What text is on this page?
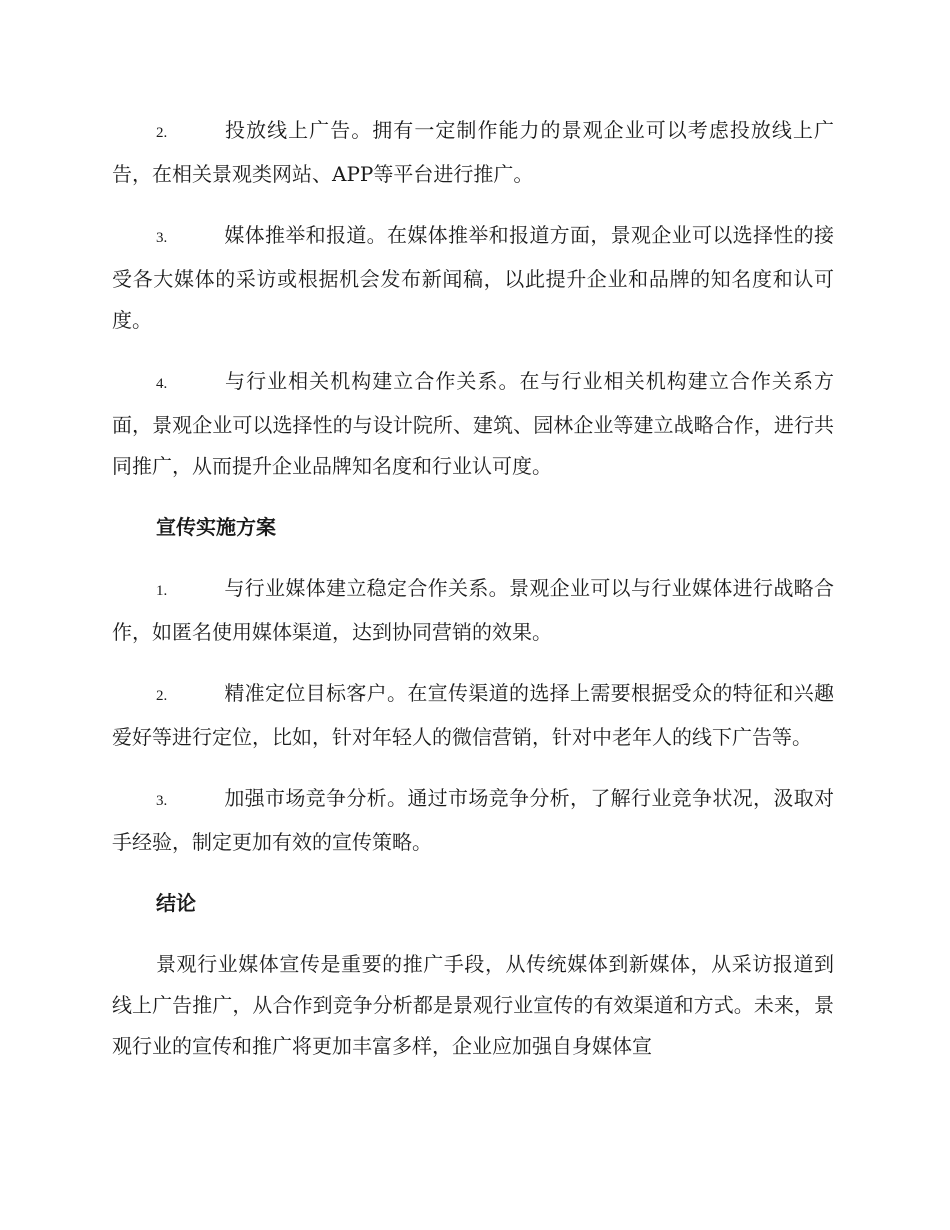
2.	投放线上广告。拥有一定制作能力的景观企业可以考虑投放线上广告，在相关景观类网站、APP等平台进行推广。
3.	媒体推举和报道。在媒体推举和报道方面，景观企业可以选择性的接受各大媒体的采访或根据机会发布新闻稿，以此提升企业和品牌的知名度和认可度。
4.	与行业相关机构建立合作关系。在与行业相关机构建立合作关系方面，景观企业可以选择性的与设计院所、建筑、园林企业等建立战略合作，进行共同推广，从而提升企业品牌知名度和行业认可度。
宣传实施方案
1.	与行业媒体建立稳定合作关系。景观企业可以与行业媒体进行战略合作，如匿名使用媒体渠道，达到协同营销的效果。
2.	精准定位目标客户。在宣传渠道的选择上需要根据受众的特征和兴趣爱好等进行定位，比如，针对年轻人的微信营销，针对中老年人的线下广告等。
3.	加强市场竞争分析。通过市场竞争分析，了解行业竞争状况，汲取对手经验，制定更加有效的宣传策略。
结论

景观行业媒体宣传是重要的推广手段，从传统媒体到新媒体，从采访报道到线上广告推广，从合作到竞争分析都是景观行业宣传的有效渠道和方式。未来，景观行业的宣传和推广将更加丰富多样，企业应加强自身媒体宣
